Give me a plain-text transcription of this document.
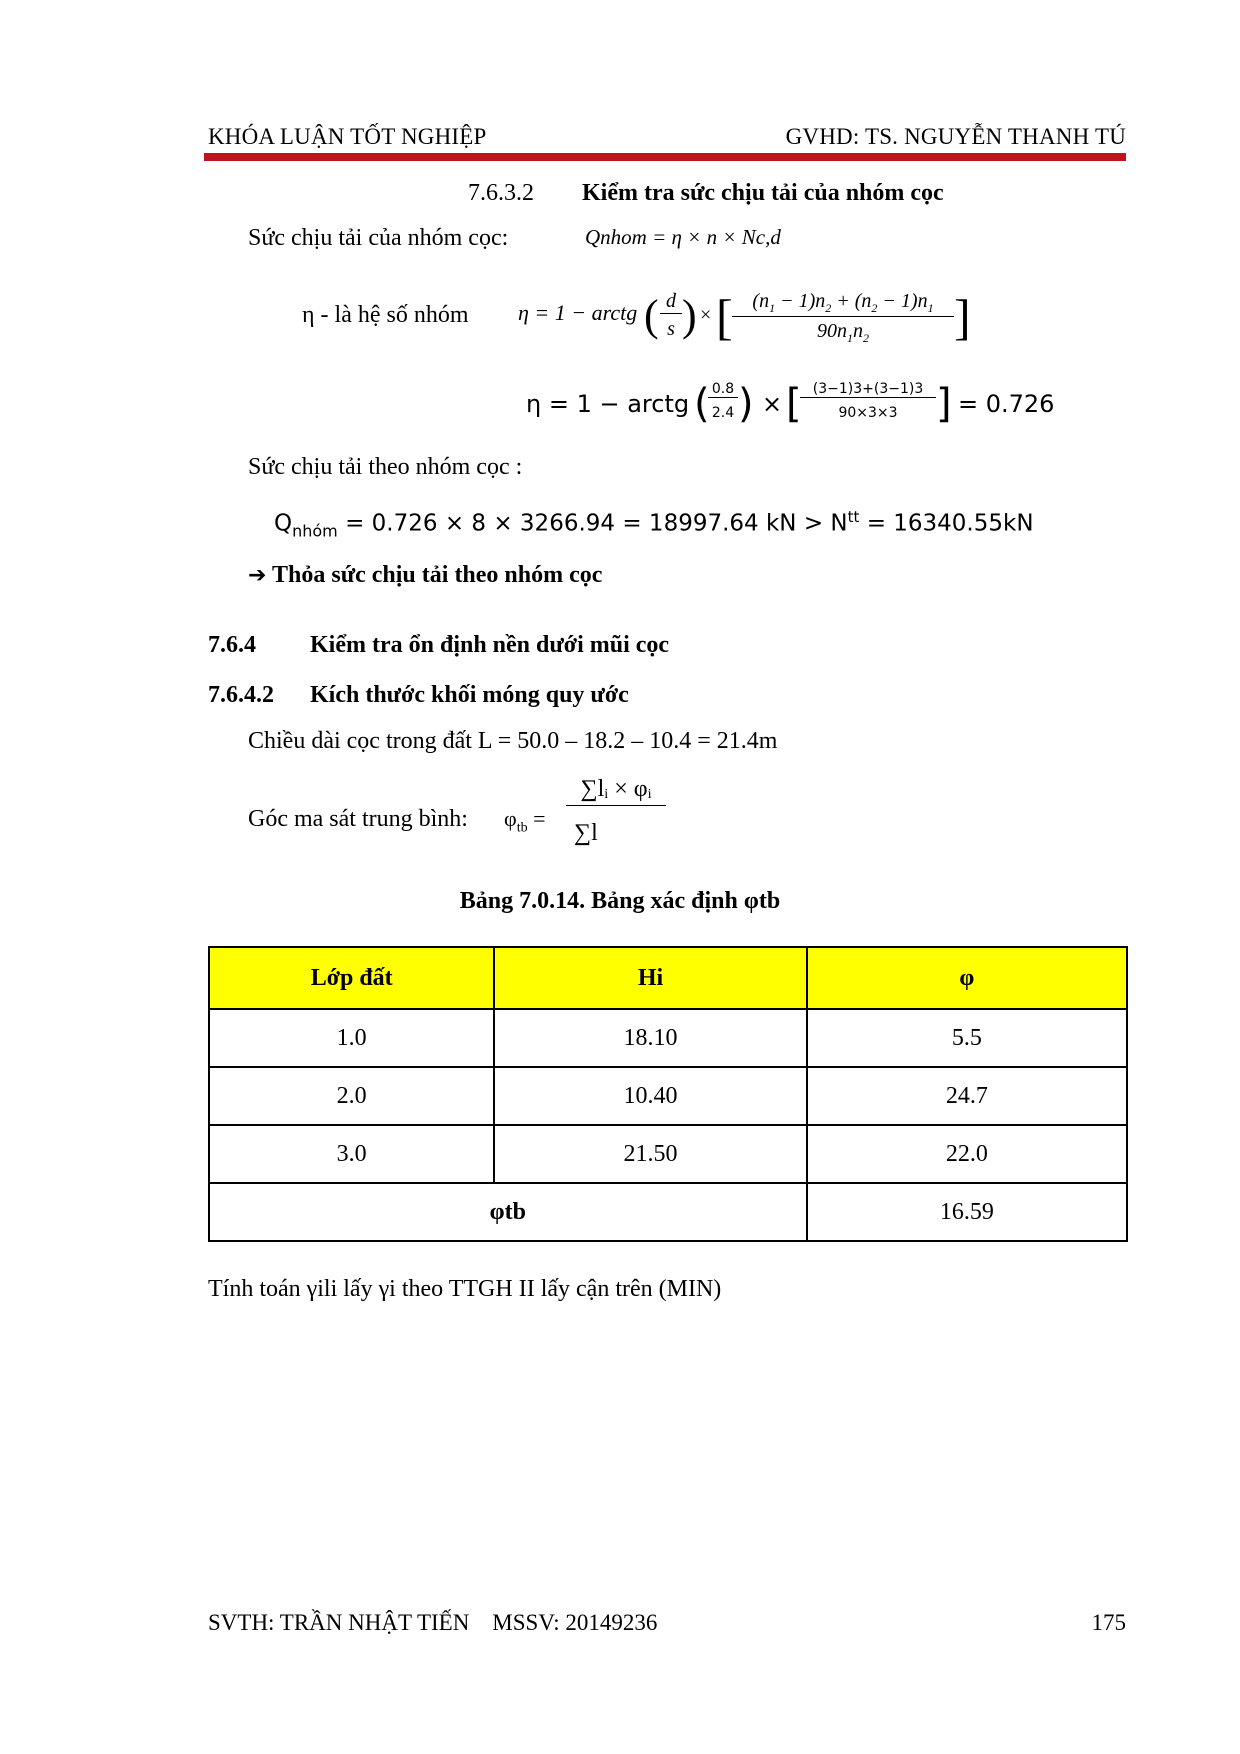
KHÓA LUẬN TỐT NGHIỆP	GVHD: TS. NGUYỄN THANH TÚ
7.6.3.2 Kiểm tra sức chịu tải của nhóm cọc
Sức chịu tải của nhóm cọc:	Qnhom = η × n × Nc,d
η - là hệ số nhóm η = 1 − arctg ( d
s ) × [ $(n_1 - 1)n_2 + (n_2 - 1)n_1$
$90n_1n_2$	]
η = 1 − arctg ( 0.8
2.4 ) × [ (3−1)3+(3−1)3
90×3×3 ] = 0.726
Sức chịu tải theo nhóm cọc :
$Q_{nhóm} = 0.726 \times 8 \times 3266.94 = 18997.64$ kN > $N^{tt} = 16340.55kN$
➔ Thỏa sức chịu tải theo nhóm cọc
7.6.4 Kiểm tra ổn định nền dưới mũi cọc
7.6.4.2 Kích thước khối móng quy ước
Chiều dài cọc trong đất L = 50.0 – 18.2 – 10.4 = 21.4m
Góc ma sát trung bình: $\varphi_{tb}$ =
∑lᵢ × φᵢ
∑l
Bảng 7.0.14. Bảng xác định φtb
Lớp đất	Hi	φ
1.0	18.10	5.5
2.0	10.40	24.7
3.0	21.50	22.0
φtb		16.59
Tính toán γili lấy γi theo TTGH II lấy cận trên (MIN)
SVTH: TRẦN NHẬT TIẾN    MSSV: 20149236	175
